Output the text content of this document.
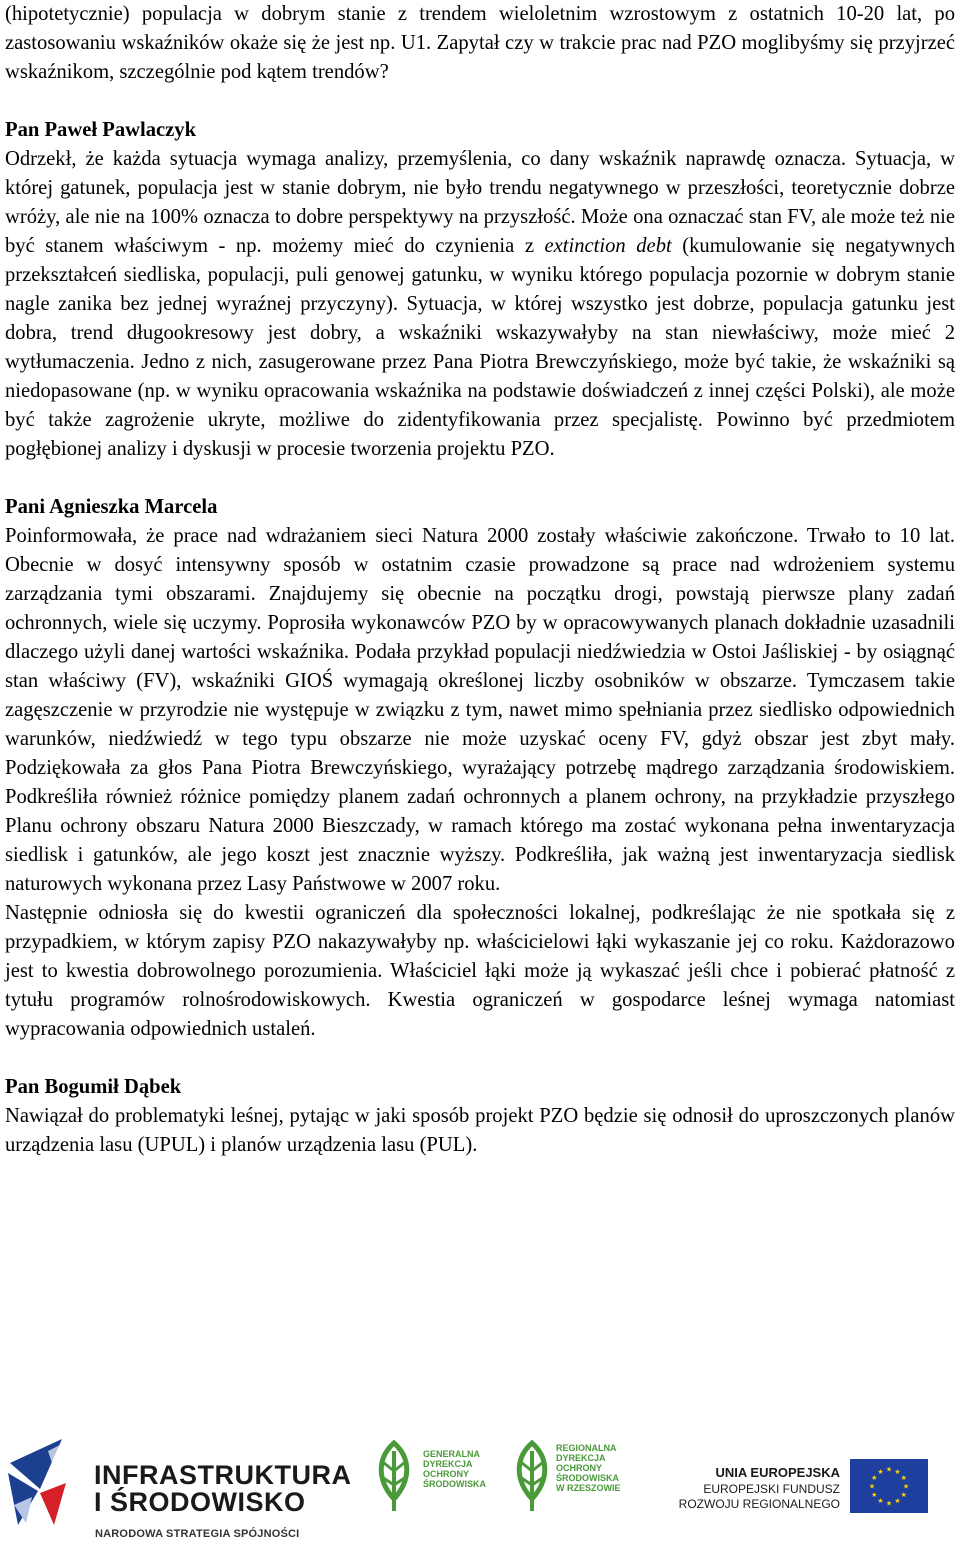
(hipotetycznie) populacja w dobrym stanie z trendem wieloletnim wzrostowym z ostatnich 10-20 lat, po zastosowaniu wskaźników okaże się że jest np. U1. Zapytał czy w trakcie prac nad PZO moglibyśmy się przyjrzeć wskaźnikom, szczególnie pod kątem trendów?

Pan Paweł Pawlaczyk

Odrzekł, że każda sytuacja wymaga analizy, przemyślenia, co dany wskaźnik naprawdę oznacza. Sytuacja, w której gatunek, populacja jest w stanie dobrym, nie było trendu negatywnego w przeszłości, teoretycznie dobrze wróży, ale nie na 100% oznacza to dobre perspektywy na przyszłość. Może ona oznaczać stan FV, ale może też nie być stanem właściwym - np. możemy mieć do czynienia z extinction debt (kumulowanie się negatywnych przekształceń siedliska, populacji, puli genowej gatunku, w wyniku którego populacja pozornie w dobrym stanie nagle zanika bez jednej wyraźnej przyczyny). Sytuacja, w której wszystko jest dobrze, populacja gatunku jest dobra, trend długookresowy jest dobry, a wskaźniki wskazywałyby na stan niewłaściwy, może mieć 2 wytłumaczenia. Jedno z nich, zasugerowane przez Pana Piotra Brewczyńskiego, może być takie, że wskaźniki są niedopasowane (np. w wyniku opracowania wskaźnika na podstawie doświadczeń z innej części Polski), ale może być także zagrożenie ukryte, możliwe do zidentyfikowania przez specjalistę. Powinno być przedmiotem pogłębionej analizy i dyskusji w procesie tworzenia projektu PZO.

Pani Agnieszka Marcela

Poinformowała, że prace nad wdrażaniem sieci Natura 2000 zostały właściwie zakończone. Trwało to 10 lat. Obecnie w dosyć intensywny sposób w ostatnim czasie prowadzone są prace nad wdrożeniem systemu zarządzania tymi obszarami. Znajdujemy się obecnie na początku drogi, powstają pierwsze plany zadań ochronnych, wiele się uczymy. Poprosiła wykonawców PZO by w opracowywanych planach dokładnie uzasadnili dlaczego użyli danej wartości wskaźnika. Podała przykład populacji niedźwiedzia w Ostoi Jaśliskiej - by osiągnąć stan właściwy (FV), wskaźniki GIOŚ wymagają określonej liczby osobników w obszarze. Tymczasem takie zagęszczenie w przyrodzie nie występuje w związku z tym, nawet mimo spełniania przez siedlisko odpowiednich warunków, niedźwiedź w tego typu obszarze nie może uzyskać oceny FV, gdyż obszar jest zbyt mały. Podziękowała za głos Pana Piotra Brewczyńskiego, wyrażający potrzebę mądrego zarządzania środowiskiem. Podkreśliła również różnice pomiędzy planem zadań ochronnych a planem ochrony, na przykładzie przyszłego Planu ochrony obszaru Natura 2000 Bieszczady, w ramach którego ma zostać wykonana pełna inwentaryzacja siedlisk i gatunków, ale jego koszt jest znacznie wyższy. Podkreśliła, jak ważną jest inwentaryzacja siedlisk naturowych wykonana przez Lasy Państwowe w 2007 roku.

Następnie odniosła się do kwestii ograniczeń dla społeczności lokalnej, podkreślając że nie spotkała się z przypadkiem, w którym zapisy PZO nakazywałyby np. właścicielowi łąki wykaszanie jej co roku. Każdorazowo jest to kwestia dobrowolnego porozumienia. Właściciel łąki może ją wykaszać jeśli chce i pobierać płatność z tytułu programów rolnośrodowiskowych. Kwestia ograniczeń w gospodarce leśnej wymaga natomiast wypracowania odpowiednich ustaleń.

Pan Bogumił Dąbek

Nawiązał do problematyki leśnej, pytając w jaki sposób projekt PZO będzie się odnosił do uproszczonych planów urządzenia lasu (UPUL) i planów urządzenia lasu (PUL).

INFRASTRUKTURA
I ŚRODOWISKO
NARODOWA STRATEGIA SPÓJNOŚCI
GENERALNA
DYREKCJA
OCHRONY
ŚRODOWISKA
REGIONALNA
DYREKCJA
OCHRONY
ŚRODOWISKA
W RZESZOWIE
UNIA EUROPEJSKA
EUROPEJSKI FUNDUSZ
ROZWOJU REGIONALNEGO
★
★
★
★
★
★
★
★
★ ★ ★
★
